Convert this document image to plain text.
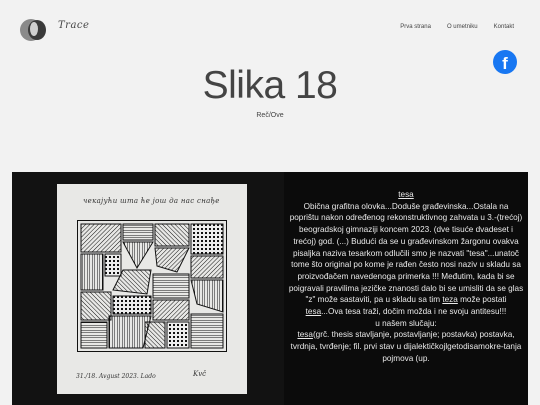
Trace	Prva strana	O umetniku	Kontakt
f
Slika 18
Reč/Ove
чекајући шта ће још да нас снађе
31./18. Avgust 2023. Lado	Kvč
tesa
Obična grafitna olovka...Doduše građevinska...Ostala na poprištu nakon određenog rekonstruktivnog zahvata u 3.-(trećoj) beogradskoj gimnaziji koncem 2023. (dve tisuće dvadeset i trećoj) god. (...) Budući da se u građevinskom žargonu ovakva pisaljka naziva tesarkom odlučili smo je nazvati "tesa"...unatoč tome što original po kome je rađen često nosi naziv u skladu sa proizvođačem navedenoga primerka !!! Međutim, kada bi se poigravali pravilima jezičke znanosti dalo bi se umisliti da se glas "z" može sastaviti, pa u skladu sa tim teza može postati tesa...Ova tesa traži, dočim možda i ne svoju antitesu!!!
u našem slučaju:
tesa(grč. thesis stavljanje, postavljanje; postavka) postavka, tvrdnja, tvrđenje; fil. prvi stav u dijalektičkojlgetodisamokre-tanja pojmova (up.
